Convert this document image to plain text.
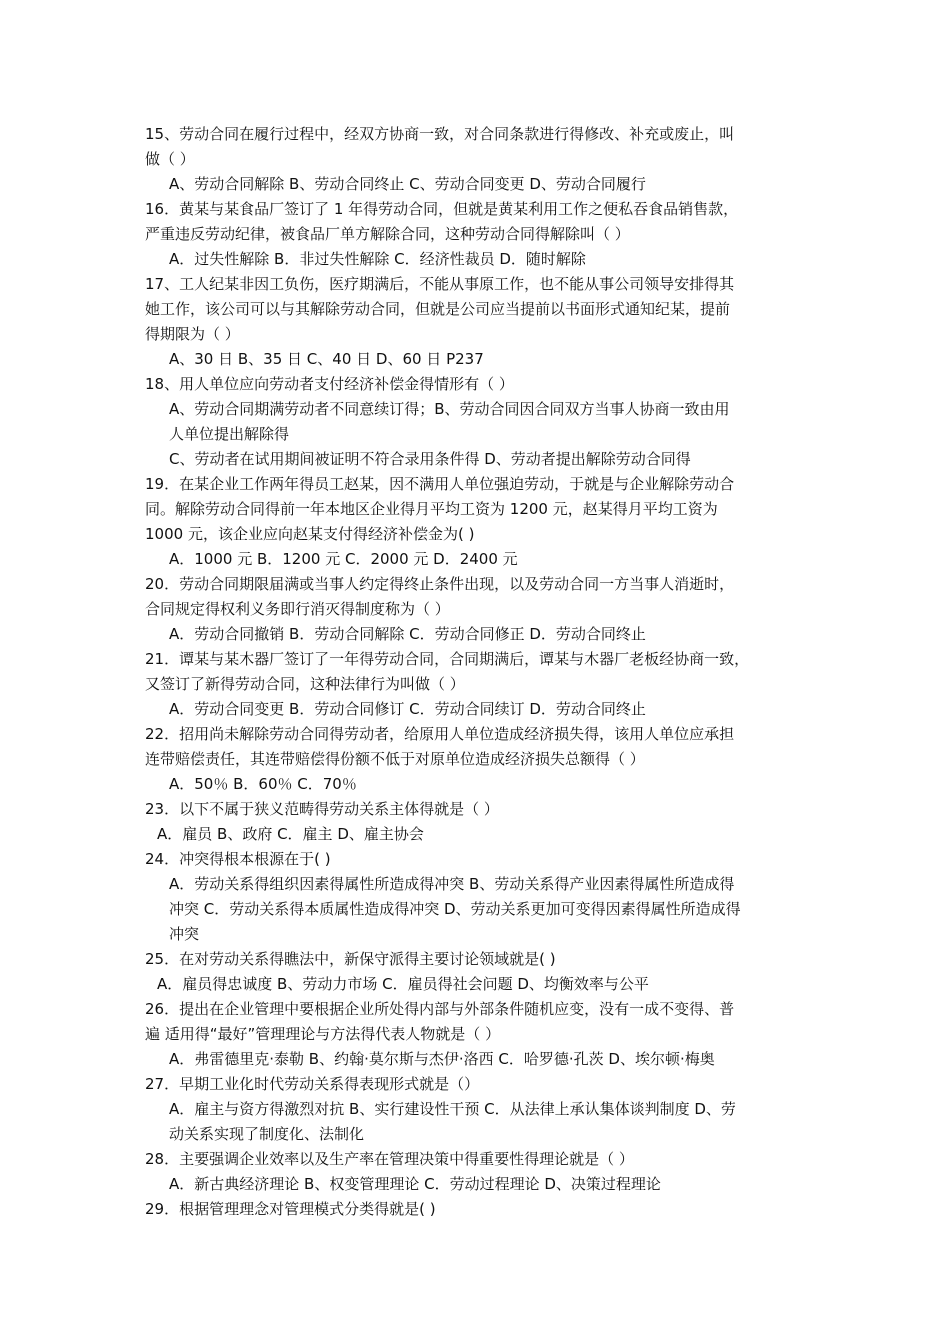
15、劳动合同在履行过程中，经双方协商一致，对合同条款进行得修改、补充或废止，叫
做（ ）
A、劳动合同解除 B、劳动合同终止 C、劳动合同变更 D、劳动合同履行
16．黄某与某食品厂签订了 1 年得劳动合同，但就是黄某利用工作之便私吞食品销售款，
严重违反劳动纪律，被食品厂单方解除合同，这种劳动合同得解除叫（ ）
A．过失性解除 B．非过失性解除 C．经济性裁员 D．随时解除
17、工人纪某非因工负伤，医疗期满后，不能从事原工作，也不能从事公司领导安排得其
她工作，该公司可以与其解除劳动合同，但就是公司应当提前以书面形式通知纪某，提前
得期限为（ ）
A、30 日 B、35 日 C、40 日 D、60 日 P237
18、用人单位应向劳动者支付经济补偿金得情形有（ ）
A、劳动合同期满劳动者不同意续订得；B、劳动合同因合同双方当事人协商一致由用
人单位提出解除得
C、劳动者在试用期间被证明不符合录用条件得 D、劳动者提出解除劳动合同得
19．在某企业工作两年得员工赵某，因不满用人单位强迫劳动，于就是与企业解除劳动合
同。解除劳动合同得前一年本地区企业得月平均工资为 1200 元，赵某得月平均工资为
1000 元，该企业应向赵某支付得经济补偿金为( )
A．1000 元 B．1200 元 C．2000 元 D．2400 元
20．劳动合同期限届满或当事人约定得终止条件出现，以及劳动合同一方当事人消逝时，
合同规定得权利义务即行消灭得制度称为（ ）
A．劳动合同撤销 B．劳动合同解除 C．劳动合同修正 D．劳动合同终止
21．谭某与某木器厂签订了一年得劳动合同，合同期满后，谭某与木器厂老板经协商一致，
又签订了新得劳动合同，这种法律行为叫做（ ）
A．劳动合同变更 B．劳动合同修订 C．劳动合同续订 D．劳动合同终止
22．招用尚未解除劳动合同得劳动者，给原用人单位造成经济损失得，该用人单位应承担
连带赔偿责任，其连带赔偿得份额不低于对原单位造成经济损失总额得（ ）
A．50％ B．60％ C．70％
23．以下不属于狭义范畴得劳动关系主体得就是（ ）
A．雇员 B、政府 C．雇主 D、雇主协会
24．冲突得根本根源在于( )
A．劳动关系得组织因素得属性所造成得冲突 B、劳动关系得产业因素得属性所造成得
冲突 C．劳动关系得本质属性造成得冲突 D、劳动关系更加可变得因素得属性所造成得
冲突
25．在对劳动关系得瞧法中，新保守派得主要讨论领域就是( )
A．雇员得忠诚度 B、劳动力市场 C．雇员得社会问题 D、均衡效率与公平
26．提出在企业管理中要根据企业所处得内部与外部条件随机应变，没有一成不变得、普
遍 适用得“最好”管理理论与方法得代表人物就是（ ）
A．弗雷德里克·泰勒 B、约翰·莫尔斯与杰伊·洛西 C．哈罗德·孔茨 D、埃尔顿·梅奥
27．早期工业化时代劳动关系得表现形式就是（）
A．雇主与资方得激烈对抗 B、实行建设性干预 C．从法律上承认集体谈判制度 D、劳
动关系实现了制度化、法制化
28．主要强调企业效率以及生产率在管理决策中得重要性得理论就是（ ）
A．新古典经济理论 B、权变管理理论 C．劳动过程理论 D、决策过程理论
29．根据管理理念对管理模式分类得就是( )
